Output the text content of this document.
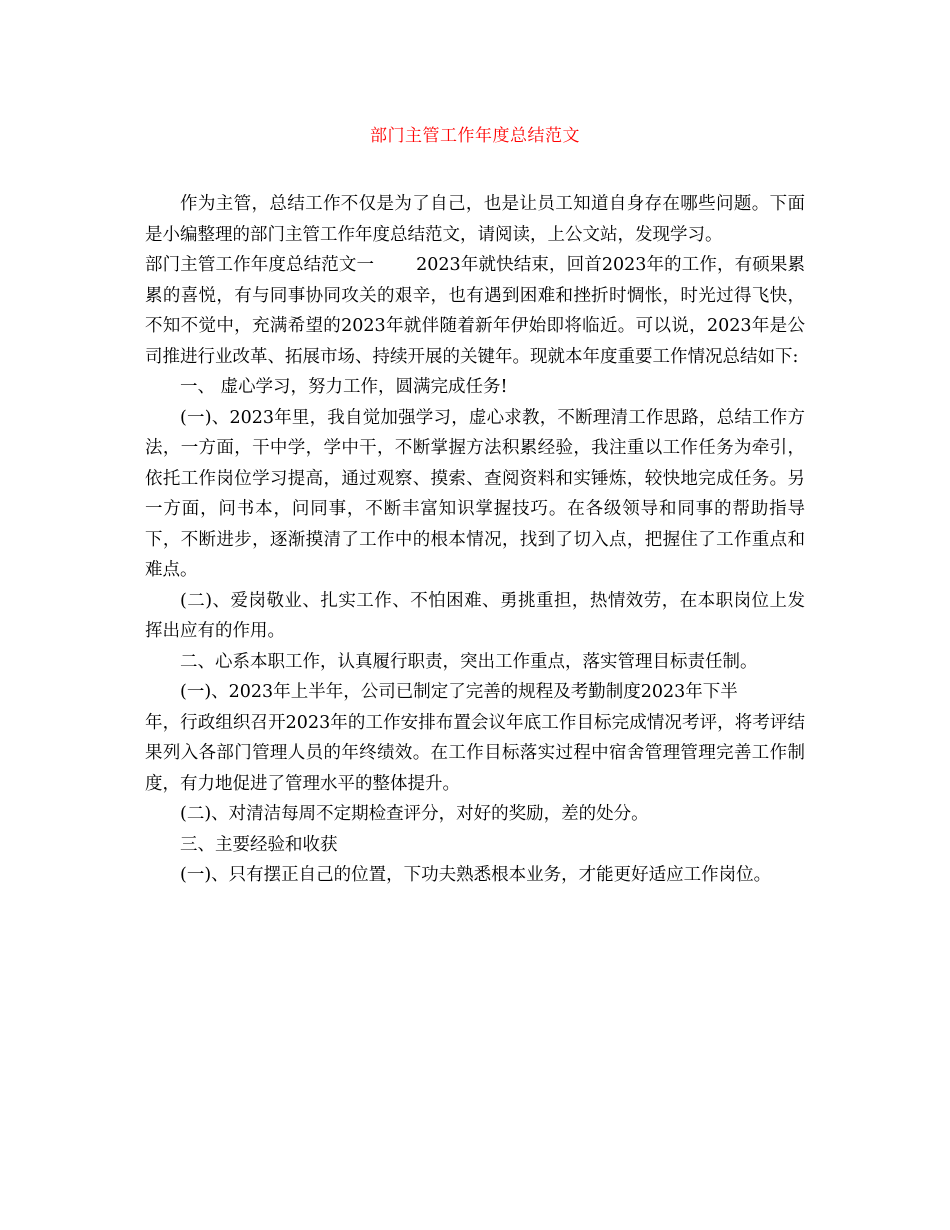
部门主管工作年度总结范文

作为主管，总结工作不仅是为了自己，也是让员工知道自身存在哪些问题。下面是小编整理的部门主管工作年度总结范文，请阅读，上公文站，发现学习。

部门主管工作年度总结范文一 2023年就快结束，回首2023年的工作，有硕果累累的喜悦，有与同事协同攻关的艰辛，也有遇到困难和挫折时惆怅，时光过得飞快，不知不觉中，充满希望的2023年就伴随着新年伊始即将临近。可以说，2023年是公司推进行业改革、拓展市场、持续开展的关键年。现就本年度重要工作情况总结如下:

一、 虚心学习，努力工作，圆满完成任务!

(一)、2023年里，我自觉加强学习，虚心求教，不断理清工作思路，总结工作方法，一方面，干中学，学中干，不断掌握方法积累经验，我注重以工作任务为牵引，依托工作岗位学习提高，通过观察、摸索、查阅资料和实锤炼，较快地完成任务。另一方面，问书本，问同事，不断丰富知识掌握技巧。在各级领导和同事的帮助指导下，不断进步，逐渐摸清了工作中的根本情况，找到了切入点，把握住了工作重点和难点。

(二)、爱岗敬业、扎实工作、不怕困难、勇挑重担，热情效劳，在本职岗位上发挥出应有的作用。

二、心系本职工作，认真履行职责，突出工作重点，落实管理目标责任制。

(一)、2023年上半年，公司已制定了完善的规程及考勤制度2023年下半

年，行政组织召开2023年的工作安排布置会议年底工作目标完成情况考评，将考评结果列入各部门管理人员的年终绩效。在工作目标落实过程中宿舍管理管理完善工作制度，有力地促进了管理水平的整体提升。

(二)、对清洁每周不定期检查评分，对好的奖励，差的处分。

三、主要经验和收获

(一)、只有摆正自己的位置，下功夫熟悉根本业务，才能更好适应工作岗位。
